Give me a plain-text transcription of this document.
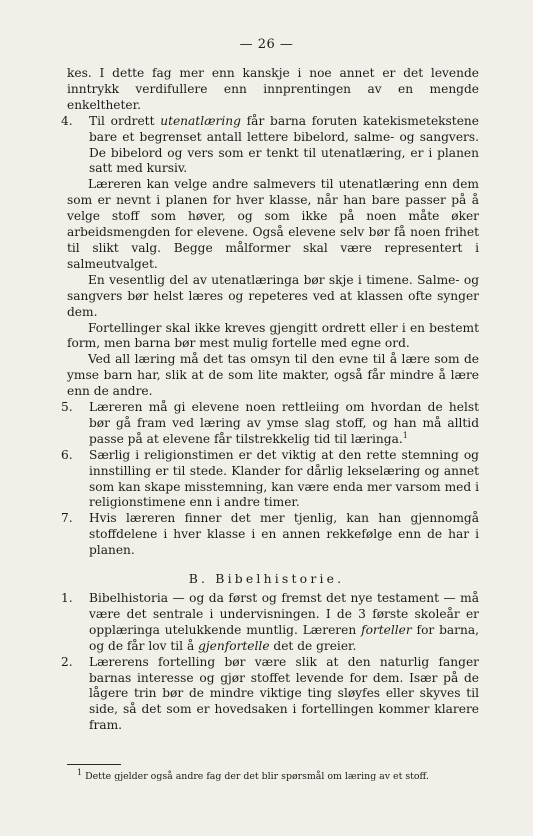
— 26 —

kes. I dette fag mer enn kanskje i noe annet er det levende inntrykk verdifullere enn innprentingen av en mengde enkeltheter.

4.	Til ordrett utenatlæring får barna foruten katekismetekstene bare et begrenset antall lettere bibelord, salme- og sangvers. De bibelord og vers som er tenkt til utenatlæring, er i planen satt med kursiv.

Læreren kan velge andre salmevers til utenatlæring enn dem som er nevnt i planen for hver klasse, når han bare passer på å velge stoff som høver, og som ikke på noen måte øker arbeidsmengden for elevene. Også elevene selv bør få noen frihet til slikt valg. Begge målformer skal være representert i salmeutvalget.

En vesentlig del av utenatlæringa bør skje i timene. Salme- og sangvers bør helst læres og repeteres ved at klassen ofte synger dem.

Fortellinger skal ikke kreves gjengitt ordrett eller i en bestemt form, men barna bør mest mulig fortelle med egne ord.

Ved all læring må det tas omsyn til den evne til å lære som de ymse barn har, slik at de som lite makter, også får mindre å lære enn de andre.

5.	Læreren må gi elevene noen rettleiing om hvordan de helst bør gå fram ved læring av ymse slag stoff, og han må alltid passe på at elevene får tilstrekkelig tid til læringa.$^1$

6.	Særlig i religionstimen er det viktig at den rette stemning og innstilling er til stede. Klander for dårlig lekselæring og annet som kan skape misstemning, kan være enda mer varsom med i religionstimene enn i andre timer.

7.	Hvis læreren finner det mer tjenlig, kan han gjennomgå stoffdelene i hver klasse i en annen rekkefølge enn de har i planen.

B. Bibelhistorie.

1.	Bibelhistoria — og da først og fremst det nye testament — må være det sentrale i undervisningen. I de 3 første skoleår er opplæringa utelukkende muntlig. Læreren forteller for barna, og de får lov til å gjenfortelle det de greier.

2.	Lærerens fortelling bør være slik at den naturlig fanger barnas interesse og gjør stoffet levende for dem. Især på de lågere trin bør de mindre viktige ting sløyfes eller skyves til side, så det som er hovedsaken i fortellingen kommer klarere fram.

$^1$ Dette gjelder også andre fag der det blir spørsmål om læring av et stoff.
